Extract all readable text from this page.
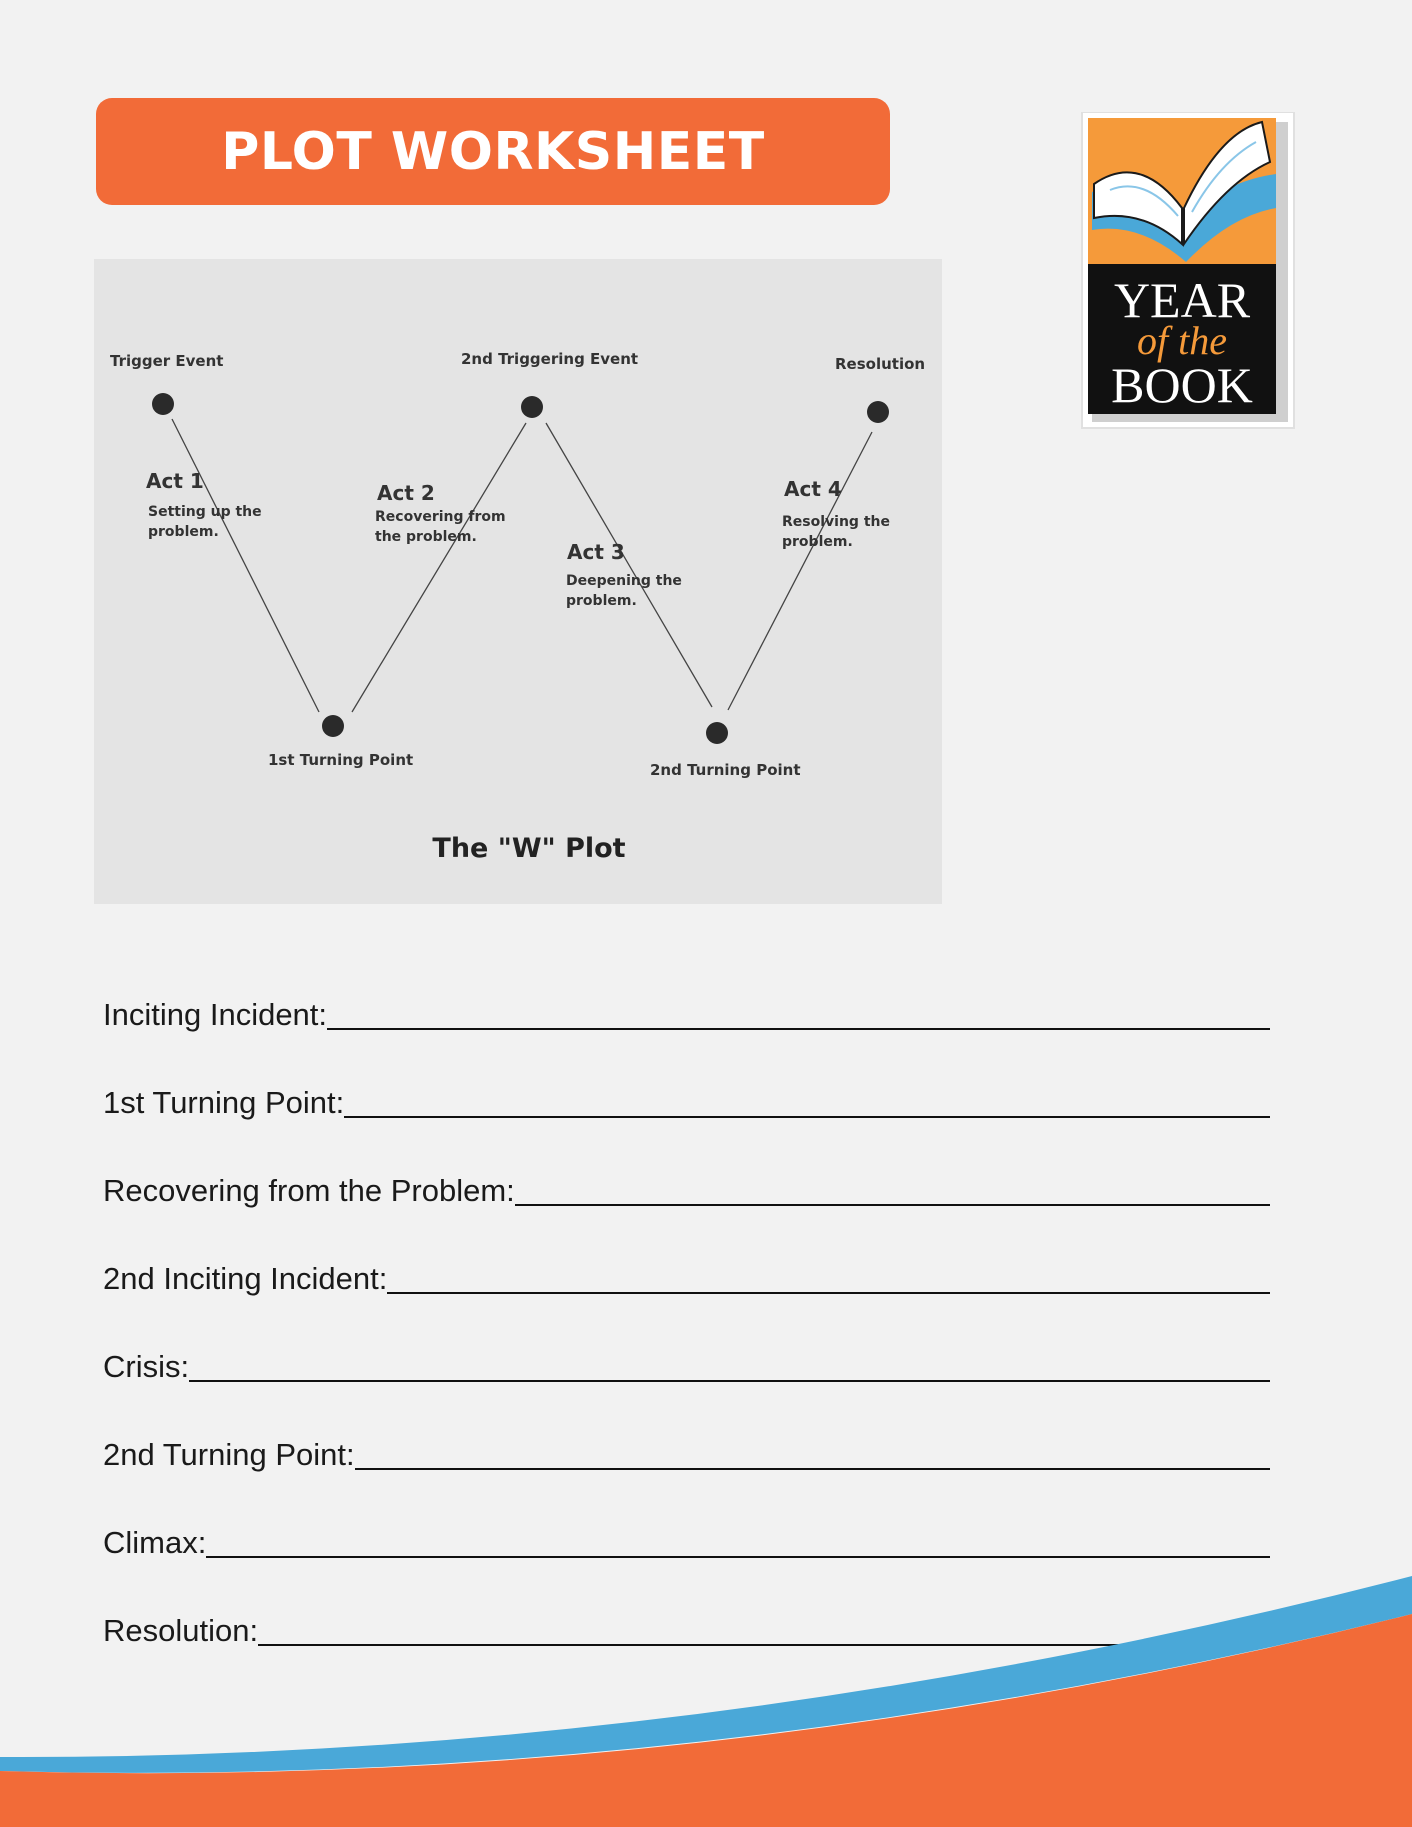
PLOT WORKSHEET
YEAR
of the
BOOK
Trigger Event	2nd Triggering Event	Resolution
1st Turning Point
2nd Turning Point
Act 1	Act 2
Act 3
Act 4
Setting up the
problem.
Recovering from
the problem.
Deepening the
problem.
Resolving the
problem.
The "W" Plot
Inciting Incident:
1st Turning Point:
Recovering from the Problem:
2nd Inciting Incident:
Crisis:
2nd Turning Point:
Climax:
Resolution:
